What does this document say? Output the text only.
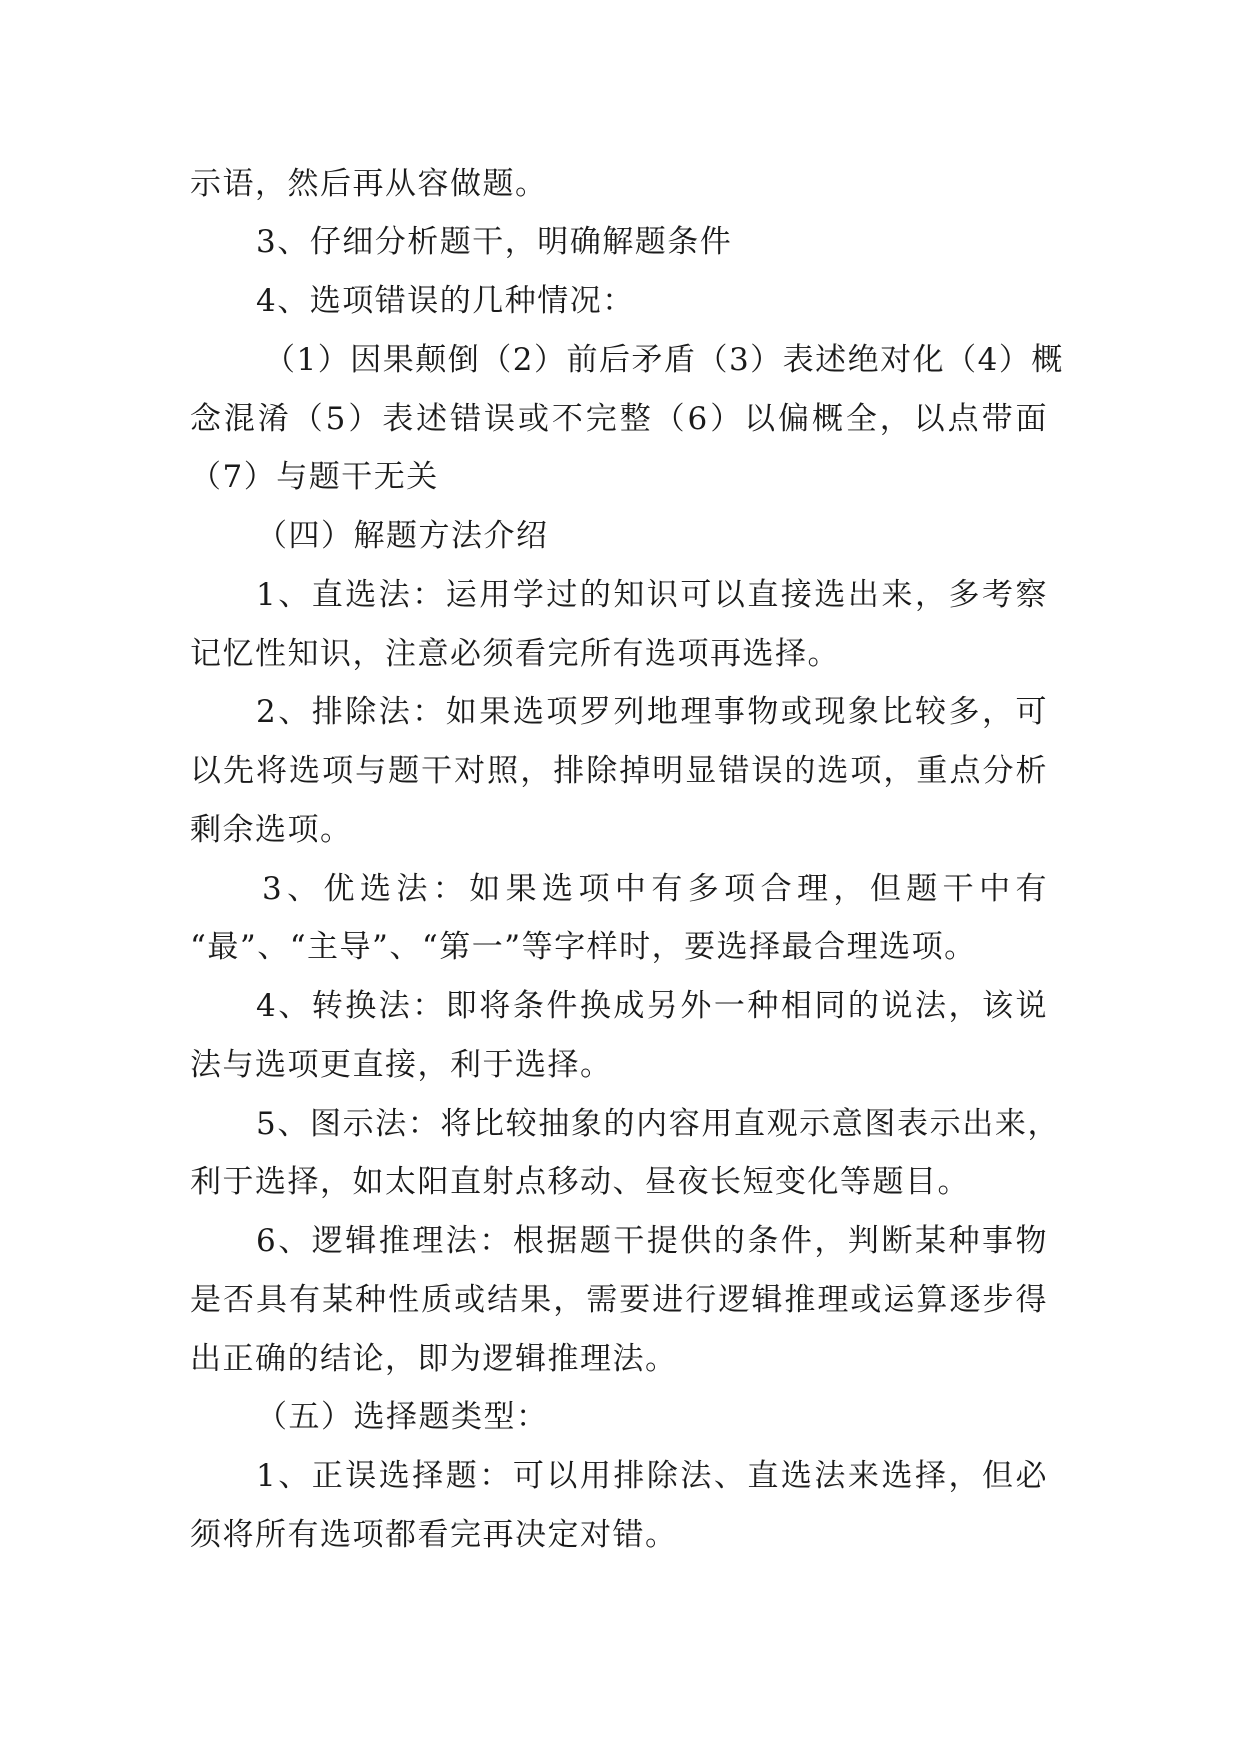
示语，然后再从容做题。
3、仔细分析题干，明确解题条件
4、选项错误的几种情况：
（1）因果颠倒（2）前后矛盾（3）表述绝对化（4）概
念混淆（5）表述错误或不完整（6）以偏概全，以点带面
（7）与题干无关
（四）解题方法介绍
1、直选法：运用学过的知识可以直接选出来，多考察
记忆性知识，注意必须看完所有选项再选择。
2、排除法：如果选项罗列地理事物或现象比较多，可
以先将选项与题干对照，排除掉明显错误的选项，重点分析
剩余选项。
3、优选法：如果选项中有多项合理，但题干中有
“最”、“主导”、“第一”等字样时，要选择最合理选项。
4、转换法：即将条件换成另外一种相同的说法，该说
法与选项更直接，利于选择。
5、图示法：将比较抽象的内容用直观示意图表示出来，
利于选择，如太阳直射点移动、昼夜长短变化等题目。
6、逻辑推理法：根据题干提供的条件，判断某种事物
是否具有某种性质或结果，需要进行逻辑推理或运算逐步得
出正确的结论，即为逻辑推理法。
（五）选择题类型：
1、正误选择题：可以用排除法、直选法来选择，但必
须将所有选项都看完再决定对错。
